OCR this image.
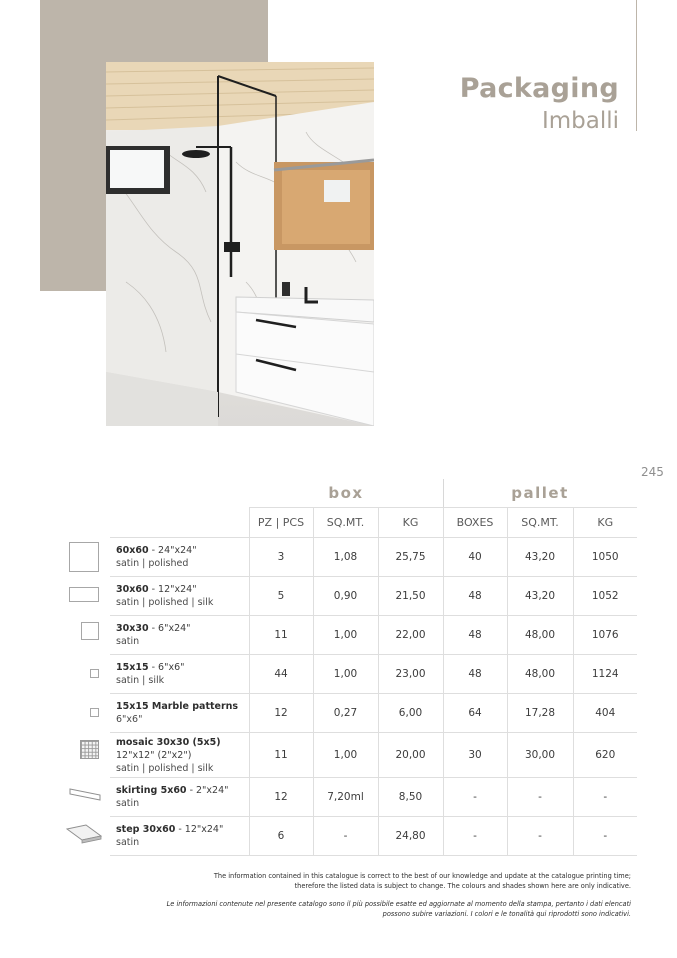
Packaging
Imballi
245
box	pallet
	PZ | PCS	SQ.MT.	KG	BOXES	SQ.MT.	KG
60x60 - 24"x24"
satin | polished	3	1,08	25,75	40	43,20	1050
30x60 - 12"x24"
satin | polished | silk	5	0,90	21,50	48	43,20	1052
30x30 - 6"x24"
satin	11	1,00	22,00	48	48,00	1076
15x15 - 6"x6"
satin | silk	44	1,00	23,00	48	48,00	1124
15x15 Marble patterns
6"x6"	12	0,27	6,00	64	17,28	404
mosaic 30x30 (5x5)
12"x12" (2"x2")
satin | polished | silk	11	1,00	20,00	30	30,00	620
skirting 5x60 - 2"x24"
satin	12	7,20ml	8,50	-	-	-
step 30x60 - 12"x24"
satin	6	-	24,80	-	-	-
The information contained in this catalogue is correct to the best of our knowledge and update at the catalogue printing time;
therefore the listed data is subject to change. The colours and shades shown here are only indicative.
Le informazioni contenute nel presente catalogo sono il più possibile esatte ed aggiornate al momento della stampa, pertanto i dati elencati
possono subire variazioni. I colori e le tonalità qui riprodotti sono indicativi.
